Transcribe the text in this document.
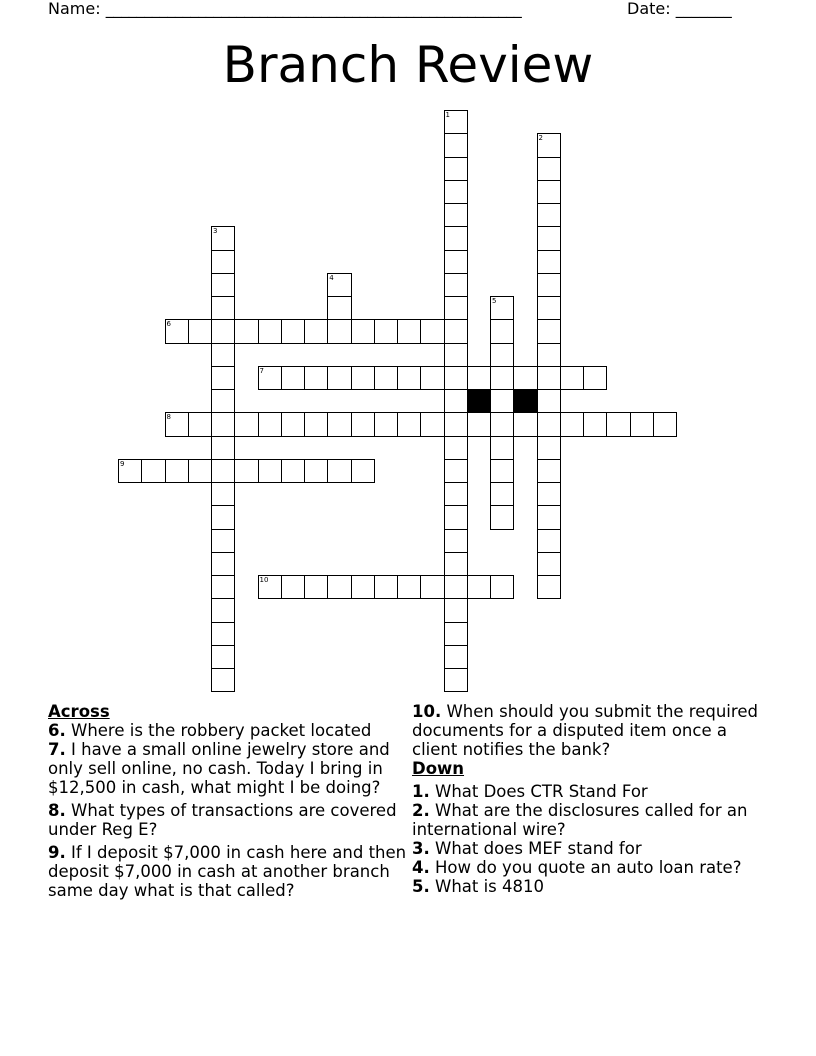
Name: ______________________________________________________	Date: _______
Branch Review
1
2
3
4
5
6
7
8
9
10
Across
6. Where is the robbery packet located
7. I have a small online jewelry store and only sell online, no cash. Today I bring in $12,500 in cash, what might I be doing?
8. What types of transactions are covered under Reg E?
9. If I deposit $7,000 in cash here and then deposit $7,000 in cash at another branch same day what is that called?
10. When should you submit the required documents for a disputed item once a client notifies the bank?
Down
1. What Does CTR Stand For
2. What are the disclosures called for an international wire?
3. What does MEF stand for
4. How do you quote an auto loan rate?
5. What is 4810
